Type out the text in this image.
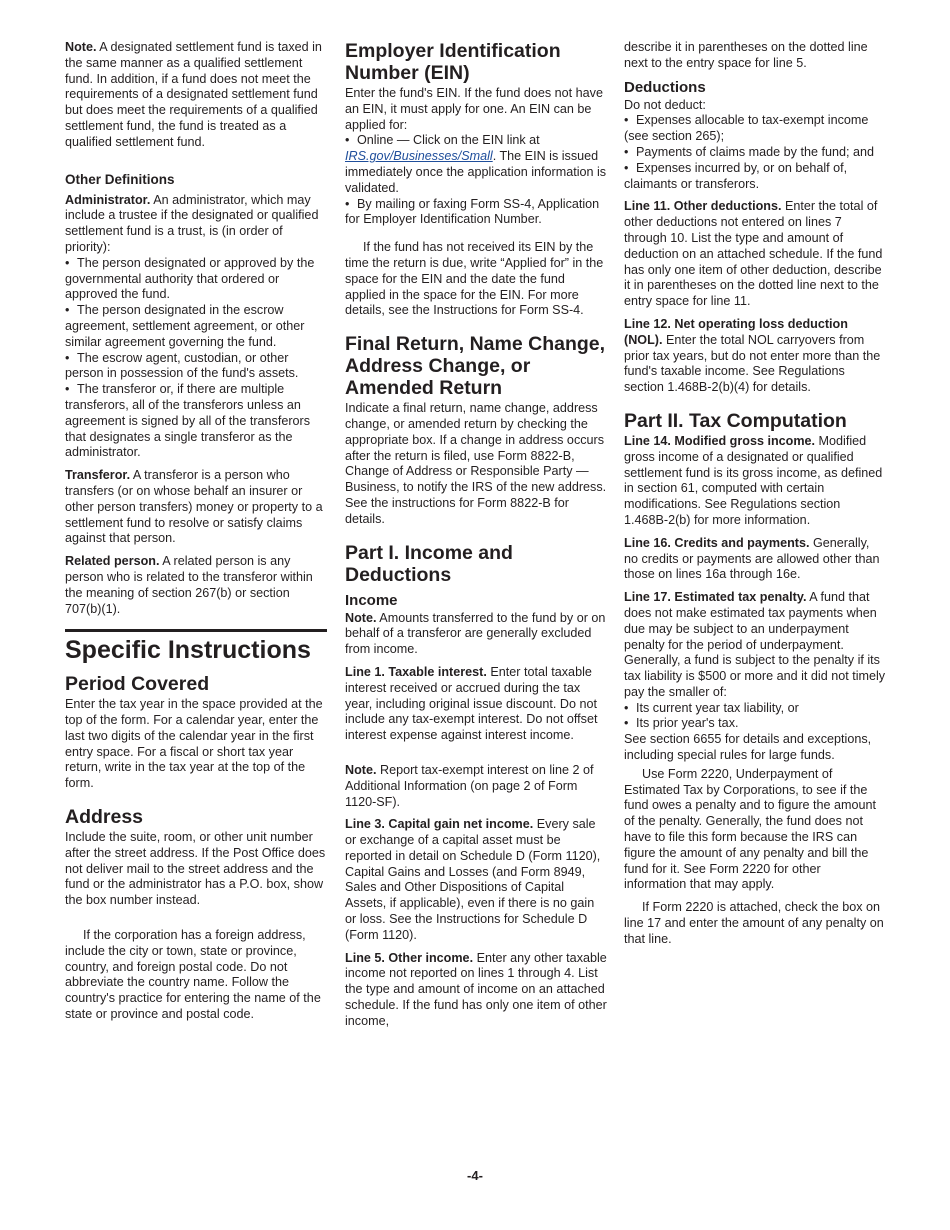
Note. A designated settlement fund is taxed in the same manner as a qualified settlement fund. In addition, if a fund does not meet the requirements of a designated settlement fund but does meet the requirements of a qualified settlement fund, the fund is treated as a qualified settlement fund.

Other Definitions

Administrator. An administrator, which may include a trustee if the designated or qualified settlement fund is a trust, is (in order of priority):

• The person designated or approved by the governmental authority that ordered or approved the fund.

• The person designated in the escrow agreement, settlement agreement, or other similar agreement governing the fund.

• The escrow agent, custodian, or other person in possession of the fund's assets.

• The transferor or, if there are multiple transferors, all of the transferors unless an agreement is signed by all of the transferors that designates a single transferor as the administrator.

Transferor. A transferor is a person who transfers (or on whose behalf an insurer or other person transfers) money or property to a settlement fund to resolve or satisfy claims against that person.

Related person. A related person is any person who is related to the transferor within the meaning of section 267(b) or section 707(b)(1).

Specific Instructions
Period Covered

Enter the tax year in the space provided at the top of the form. For a calendar year, enter the last two digits of the calendar year in the first entry space. For a fiscal or short tax year return, write in the tax year at the top of the form.

Address

Include the suite, room, or other unit number after the street address. If the Post Office does not deliver mail to the street address and the fund or the administrator has a P.O. box, show the box number instead.

If the corporation has a foreign address, include the city or town, state or province, country, and foreign postal code. Do not abbreviate the country name. Follow the country's practice for entering the name of the state or province and postal code.

Employer Identification Number (EIN)

Enter the fund's EIN. If the fund does not have an EIN, it must apply for one. An EIN can be applied for:

• Online — Click on the EIN link at IRS.gov/Businesses/Small. The EIN is issued immediately once the application information is validated.

• By mailing or faxing Form SS-4, Application for Employer Identification Number.

If the fund has not received its EIN by the time the return is due, write “Applied for” in the space for the EIN and the date the fund applied in the space for the EIN. For more details, see the Instructions for Form SS-4.

Final Return, Name Change, Address Change, or Amended Return

Indicate a final return, name change, address change, or amended return by checking the appropriate box. If a change in address occurs after the return is filed, use Form 8822-B, Change of Address or Responsible Party — Business, to notify the IRS of the new address. See the instructions for Form 8822-B for details.

Part I. Income and Deductions
Income

Note. Amounts transferred to the fund by or on behalf of a transferor are generally excluded from income.

Line 1. Taxable interest. Enter total taxable interest received or accrued during the tax year, including original issue discount. Do not include any tax-exempt interest. Do not offset interest expense against interest income.

Note. Report tax-exempt interest on line 2 of Additional Information (on page 2 of Form 1120-SF).

Line 3. Capital gain net income. Every sale or exchange of a capital asset must be reported in detail on Schedule D (Form 1120), Capital Gains and Losses (and Form 8949, Sales and Other Dispositions of Capital Assets, if applicable), even if there is no gain or loss. See the Instructions for Schedule D (Form 1120).

Line 5. Other income. Enter any other taxable income not reported on lines 1 through 4. List the type and amount of income on an attached schedule. If the fund has only one item of other income,

describe it in parentheses on the dotted line next to the entry space for line 5.

Deductions

Do not deduct:

• Expenses allocable to tax-exempt income (see section 265);

• Payments of claims made by the fund; and

• Expenses incurred by, or on behalf of, claimants or transferors.

Line 11. Other deductions. Enter the total of other deductions not entered on lines 7 through 10. List the type and amount of deduction on an attached schedule. If the fund has only one item of other deduction, describe it in parentheses on the dotted line next to the entry space for line 11.

Line 12. Net operating loss deduction (NOL). Enter the total NOL carryovers from prior tax years, but do not enter more than the fund's taxable income. See Regulations section 1.468B-2(b)(4) for details.

Part II. Tax Computation

Line 14. Modified gross income. Modified gross income of a designated or qualified settlement fund is its gross income, as defined in section 61, computed with certain modifications. See Regulations section 1.468B-2(b) for more information.

Line 16. Credits and payments. Generally, no credits or payments are allowed other than those on lines 16a through 16e.

Line 17. Estimated tax penalty. A fund that does not make estimated tax payments when due may be subject to an underpayment penalty for the period of underpayment. Generally, a fund is subject to the penalty if its tax liability is $500 or more and it did not timely pay the smaller of:

• Its current year tax liability, or

• Its prior year's tax.

See section 6655 for details and exceptions, including special rules for large funds.

Use Form 2220, Underpayment of Estimated Tax by Corporations, to see if the fund owes a penalty and to figure the amount of the penalty. Generally, the fund does not have to file this form because the IRS can figure the amount of any penalty and bill the fund for it. See Form 2220 for other information that may apply.

If Form 2220 is attached, check the box on line 17 and enter the amount of any penalty on that line.

-4-
